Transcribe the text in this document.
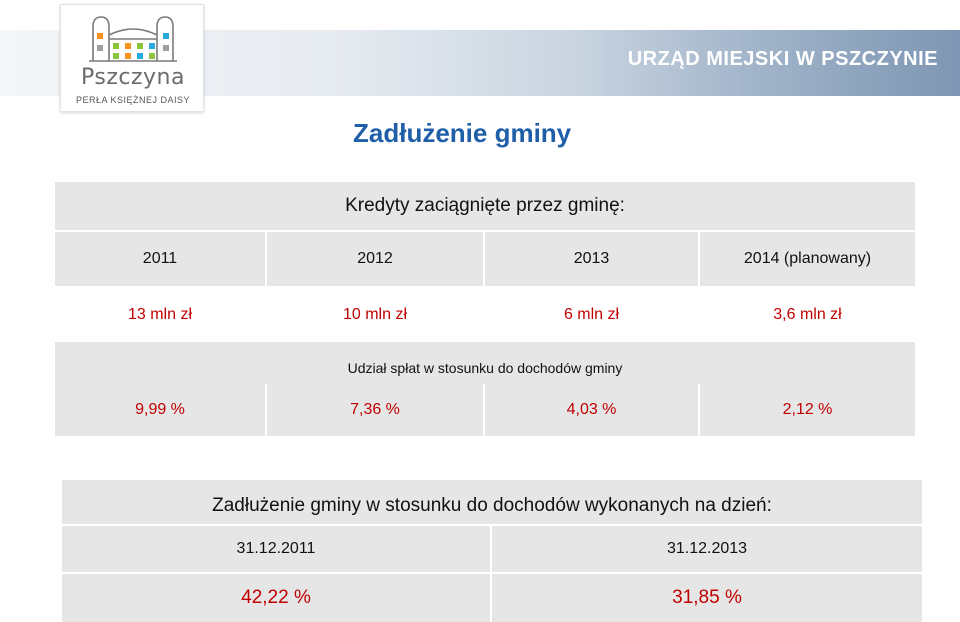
URZĄD MIEJSKI W PSZCZYNIE
Pszczyna
PERŁA KSIĘŻNEJ DAISY
Zadłużenie gminy
Kredyty zaciągnięte przez gminę:
2011	2012	2013	2014 (planowany)
13 mln zł	10 mln zł	6 mln zł	3,6 mln zł
Udział spłat w stosunku do dochodów gminy
9,99 %	7,36 %	4,03 %	2,12 %
Zadłużenie gminy w stosunku do dochodów wykonanych na dzień:
31.12.2011	31.12.2013
42,22 %	31,85 %
